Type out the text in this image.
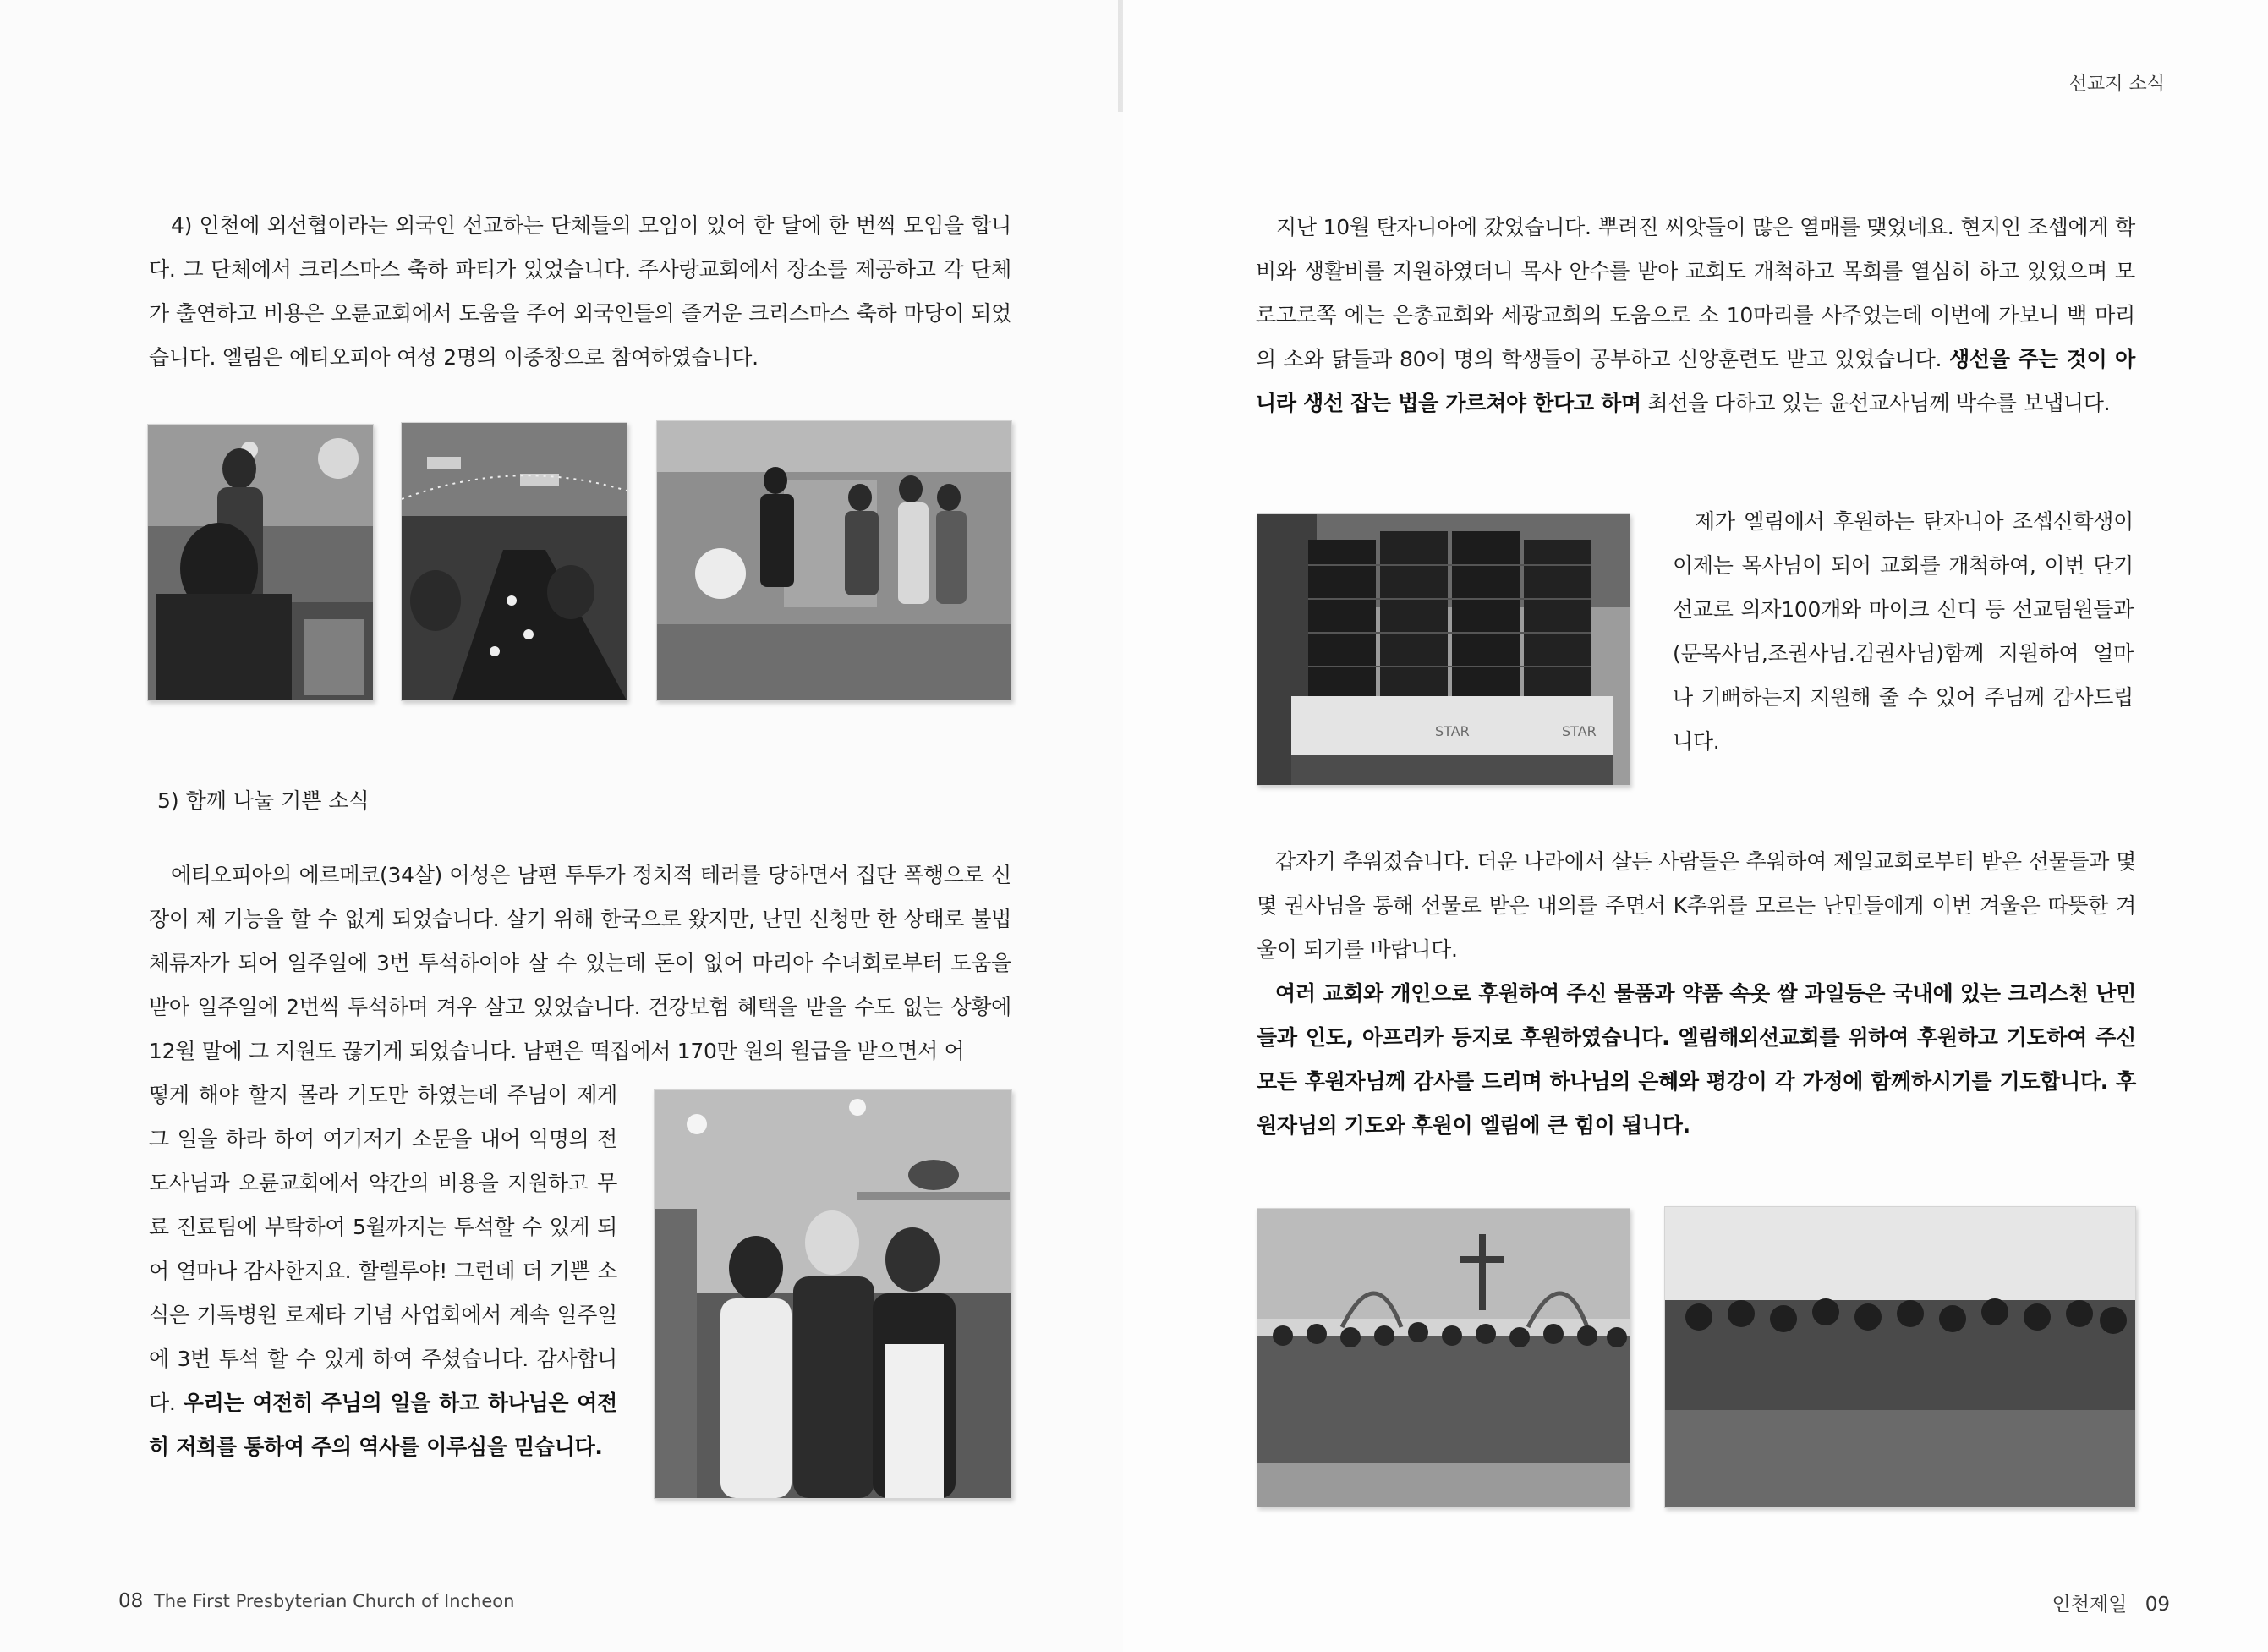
4) 인천에 외선협이라는 외국인 선교하는 단체들의 모임이 있어 한 달에 한 번씩 모임을 합니다. 그 단체에서 크리스마스 축하 파티가 있었습니다. 주사랑교회에서 장소를 제공하고 각 단체가 출연하고 비용은 오륜교회에서 도움을 주어 외국인들의 즐거운 크리스마스 축하 마당이 되었습니다. 엘림은 에티오피아 여성 2명의 이중창으로 참여하였습니다.

5) 함께 나눌 기쁜 소식

에티오피아의 에르메코(34살) 여성은 남편 투투가 정치적 테러를 당하면서 집단 폭행으로 신장이 제 기능을 할 수 없게 되었습니다. 살기 위해 한국으로 왔지만, 난민 신청만 한 상태로 불법체류자가 되어 일주일에 3번 투석하여야 살 수 있는데 돈이 없어 마리아 수녀회로부터 도움을 받아 일주일에 2번씩 투석하며 겨우 살고 있었습니다. 건강보험 혜택을 받을 수도 없는 상황에 12월 말에 그 지원도 끊기게 되었습니다. 남편은 떡집에서 170만 원의 월급을 받으면서 어

떻게 해야 할지 몰라 기도만 하였는데 주님이 제게 그 일을 하라 하여 여기저기 소문을 내어 익명의 전도사님과 오륜교회에서 약간의 비용을 지원하고 무료 진료팀에 부탁하여 5월까지는 투석할 수 있게 되어 얼마나 감사한지요. 할렐루야! 그런데 더 기쁜 소식은 기독병원 로제타 기념 사업회에서 계속 일주일에 3번 투석 할 수 있게 하여 주셨습니다. 감사합니다. 우리는 여전히 주님의 일을 하고 하나님은 여전히 저희를 통하여 주의 역사를 이루심을 믿습니다.

08 The First Presbyterian Church of Incheon
선교지 소식

지난 10월 탄자니아에 갔었습니다. 뿌려진 씨앗들이 많은 열매를 맺었네요. 현지인 조셉에게 학비와 생활비를 지원하였더니 목사 안수를 받아 교회도 개척하고 목회를 열심히 하고 있었으며 모로고로쪽 에는 은총교회와 세광교회의 도움으로 소 10마리를 사주었는데 이번에 가보니 백 마리의 소와 닭들과 80여 명의 학생들이 공부하고 신앙훈련도 받고 있었습니다. 생선을 주는 것이 아니라 생선 잡는 법을 가르쳐야 한다고 하며 최선을 다하고 있는 윤선교사님께 박수를 보냅니다.

STAR	STAR

제가 엘림에서 후원하는 탄자니아 조셉신학생이 이제는 목사님이 되어 교회를 개척하여, 이번 단기선교로 의자100개와 마이크 신디 등 선교팀원들과(문목사님,조권사님.김권사님)함께 지원하여 얼마나 기뻐하는지 지원해 줄 수 있어 주님께 감사드립니다.

갑자기 추워졌습니다. 더운 나라에서 살든 사람들은 추워하여 제일교회로부터 받은 선물들과 몇몇 권사님을 통해 선물로 받은 내의를 주면서 K추위를 모르는 난민들에게 이번 겨울은 따뜻한 겨울이 되기를 바랍니다.

여러 교회와 개인으로 후원하여 주신 물품과 약품 속옷 쌀 과일등은 국내에 있는 크리스천 난민들과 인도, 아프리카 등지로 후원하였습니다. 엘림해외선교회를 위하여 후원하고 기도하여 주신 모든 후원자님께 감사를 드리며 하나님의 은혜와 평강이 각 가정에 함께하시기를 기도합니다. 후원자님의 기도와 후원이 엘림에 큰 힘이 됩니다.

인천제일 09
